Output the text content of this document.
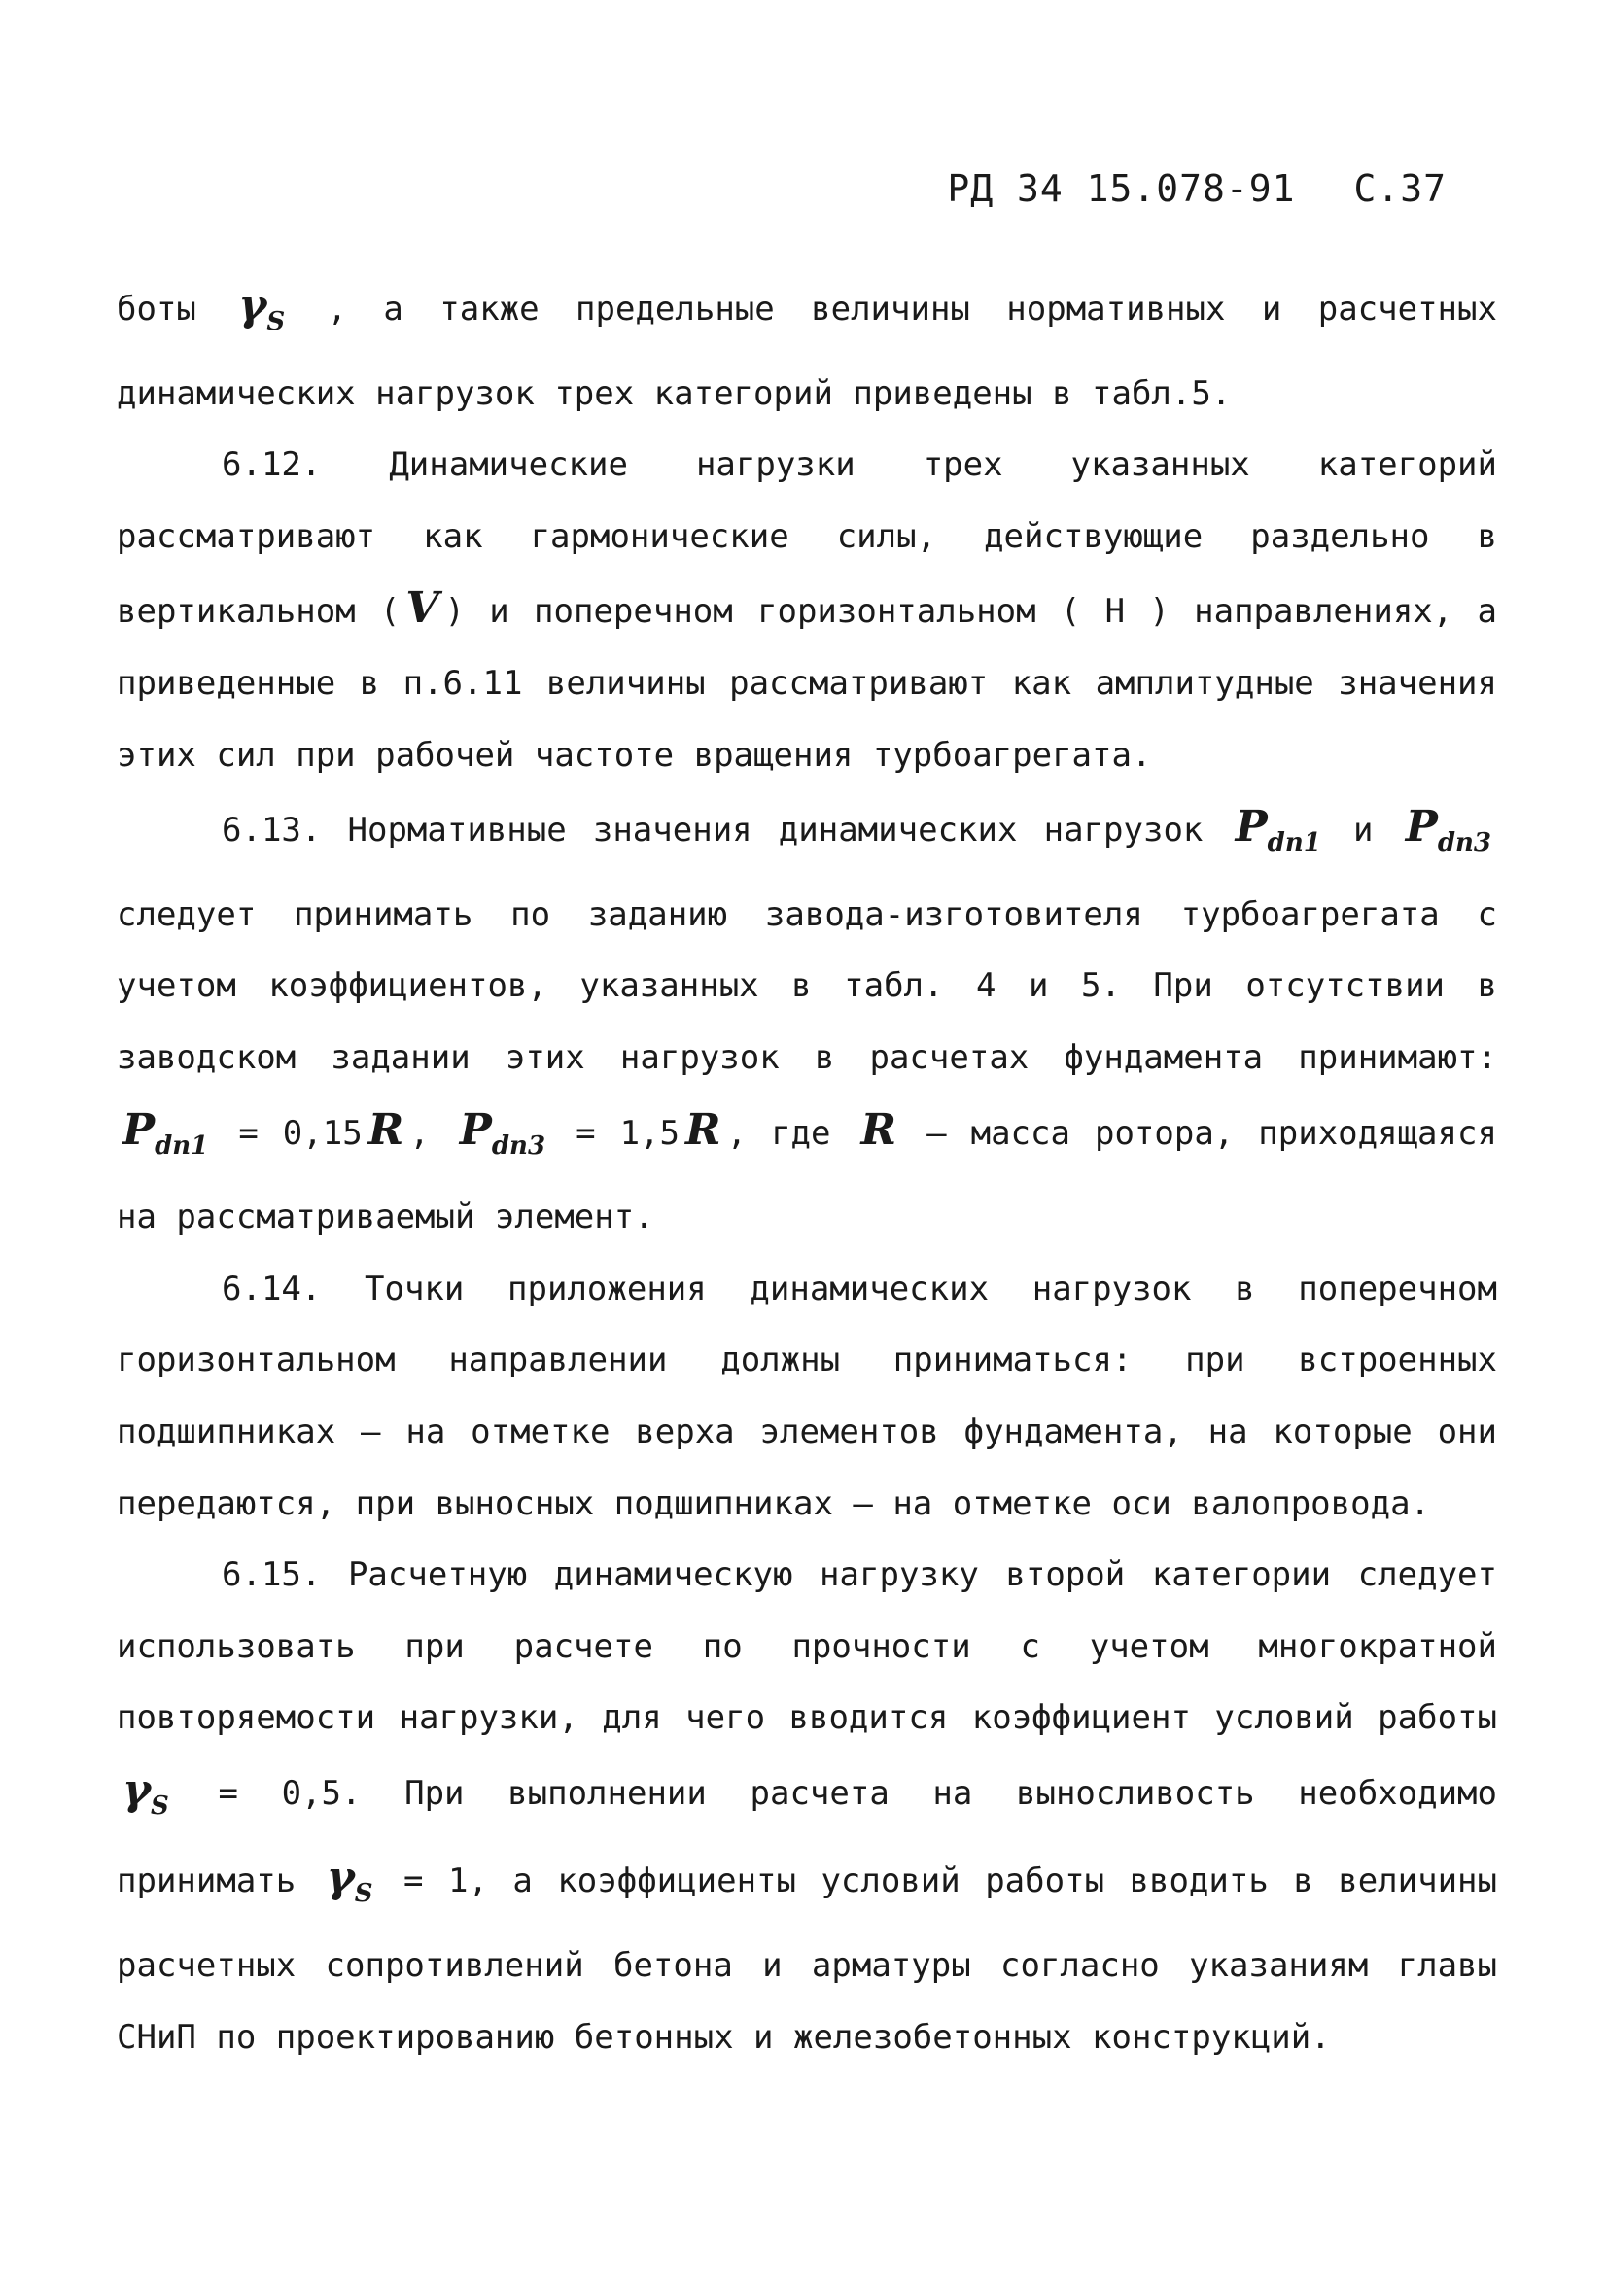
РД 34 15.078-91 С.37

боты $\gamma_S$ , а также предельные величины нормативных и расчетных динамических нагрузок трех категорий приведены в табл.5.

6.12. Динамические нагрузки трех указанных категорий рассматривают как гармонические силы, действующие раздельно в вертикальном ( V ) и поперечном горизонтальном ( Н ) направлениях, а приведенные в п.6.11 величины рассматривают как амплитудные значения этих сил при рабочей частоте вращения турбоагрегата.

6.13. Нормативные значения динамических нагрузок $P_{dn1}$ и $P_{dn3}$ следует принимать по заданию завода-изготовителя турбоагрегата с учетом коэффициентов, указанных в табл. 4 и 5. При отсутствии в заводском задании этих нагрузок в расчетах фундамента принимают: $P_{dn1} = 0,15$ R , $P_{dn3} = 1,5$ R , где R – масса ротора, приходящаяся на рассматриваемый элемент.

6.14. Точки приложения динамических нагрузок в поперечном горизонтальном направлении должны приниматься: при встроенных подшипниках – на отметке верха элементов фундамента, на которые они передаются, при выносных подшипниках – на отметке оси валопровода.

6.15. Расчетную динамическую нагрузку второй категории следует использовать при расчете по прочности с учетом многократной повторяемости нагрузки, для чего вводится коэффициент условий работы $\gamma_S = 0,5$. При выполнении расчета на выносливость необходимо принимать $\gamma_S = 1$, а коэффициенты условий работы вводить в величины расчетных сопротивлений бетона и арматуры согласно указаниям главы СНиП по проектированию бетонных и железобетонных конструкций.
